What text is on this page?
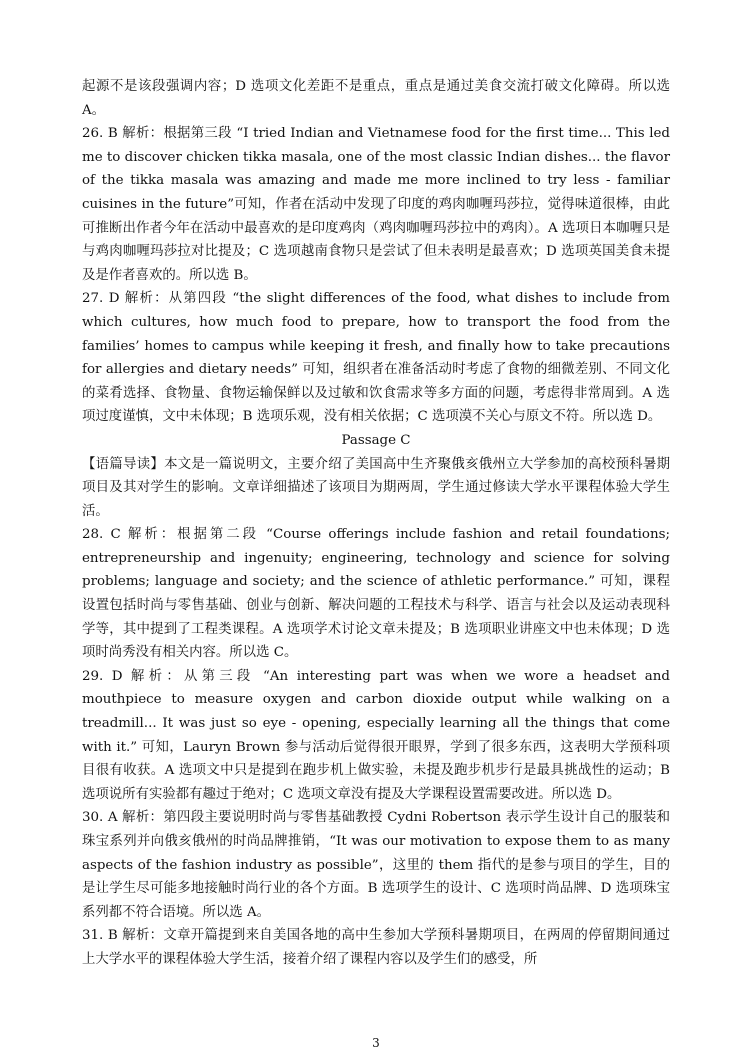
起源不是该段强调内容；D 选项文化差距不是重点，重点是通过美食交流打破文化障碍。所以选 A。

26. B 解析：根据第三段 “I tried Indian and Vietnamese food for the first time... This led me to discover chicken tikka masala, one of the most classic Indian dishes... the flavor of the tikka masala was amazing and made me more inclined to try less - familiar cuisines in the future”可知，作者在活动中发现了印度的鸡肉咖喱玛莎拉，觉得味道很棒，由此可推断出作者今年在活动中最喜欢的是印度鸡肉（鸡肉咖喱玛莎拉中的鸡肉）。A 选项日本咖喱只是与鸡肉咖喱玛莎拉对比提及；C 选项越南食物只是尝试了但未表明是最喜欢；D 选项英国美食未提及是作者喜欢的。所以选 B。

27. D 解析：从第四段 “the slight differences of the food, what dishes to include from which cultures, how much food to prepare, how to transport the food from the families’ homes to campus while keeping it fresh, and finally how to take precautions for allergies and dietary needs” 可知，组织者在准备活动时考虑了食物的细微差别、不同文化的菜肴选择、食物量、食物运输保鲜以及过敏和饮食需求等多方面的问题，考虑得非常周到。A 选项过度谨慎，文中未体现；B 选项乐观，没有相关依据；C 选项漠不关心与原文不符。所以选 D。

Passage C

【语篇导读】本文是一篇说明文，主要介绍了美国高中生齐聚俄亥俄州立大学参加的高校预科暑期项目及其对学生的影响。文章详细描述了该项目为期两周，学生通过修读大学水平课程体验大学生活。

28. C 解析：根据第二段 “Course offerings include fashion and retail foundations; entrepreneurship and ingenuity; engineering, technology and science for solving problems; language and society; and the science of athletic performance.” 可知，课程设置包括时尚与零售基础、创业与创新、解决问题的工程技术与科学、语言与社会以及运动表现科学等，其中提到了工程类课程。A 选项学术讨论文章未提及；B 选项职业讲座文中也未体现；D 选项时尚秀没有相关内容。所以选 C。

29. D 解析：从第三段 “An interesting part was when we wore a headset and mouthpiece to measure oxygen and carbon dioxide output while walking on a treadmill... It was just so eye - opening, especially learning all the things that come with it.” 可知，Lauryn Brown 参与活动后觉得很开眼界，学到了很多东西，这表明大学预科项目很有收获。A 选项文中只是提到在跑步机上做实验，未提及跑步机步行是最具挑战性的运动；B 选项说所有实验都有趣过于绝对；C 选项文章没有提及大学课程设置需要改进。所以选 D。

30. A 解析：第四段主要说明时尚与零售基础教授 Cydni Robertson 表示学生设计自己的服装和珠宝系列并向俄亥俄州的时尚品牌推销，“It was our motivation to expose them to as many aspects of the fashion industry as possible”，这里的 them 指代的是参与项目的学生，目的是让学生尽可能多地接触时尚行业的各个方面。B 选项学生的设计、C 选项时尚品牌、D 选项珠宝系列都不符合语境。所以选 A。

31. B 解析：文章开篇提到来自美国各地的高中生参加大学预科暑期项目，在两周的停留期间通过上大学水平的课程体验大学生活，接着介绍了课程内容以及学生们的感受，所

3
